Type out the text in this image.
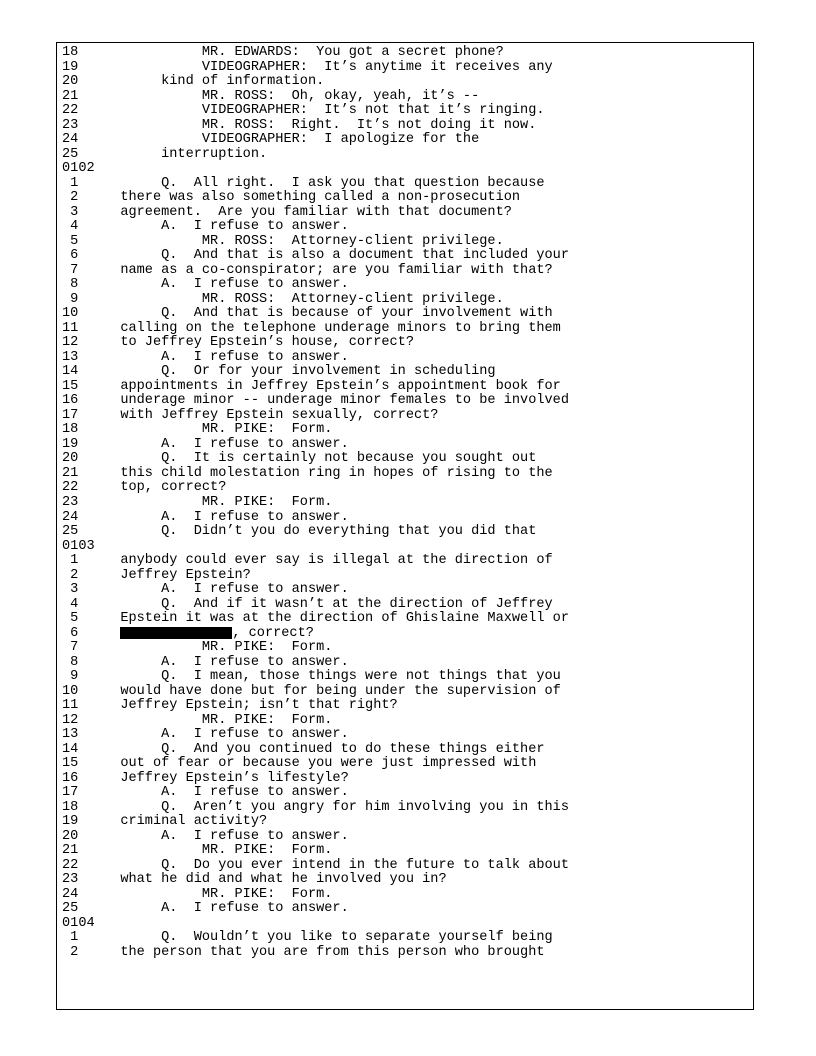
18	MR. EDWARDS:  You got a secret phone?
19	VIDEOGRAPHER:  It’s anytime it receives any
20	kind of information.
21	MR. ROSS:  Oh, okay, yeah, it’s --
22	VIDEOGRAPHER:  It’s not that it’s ringing.
23	MR. ROSS:  Right.  It’s not doing it now.
24	VIDEOGRAPHER:  I apologize for the
25	interruption.
0102
1	Q.  All right.  I ask you that question because
2	there was also something called a non-prosecution
3	agreement.  Are you familiar with that document?
4	A.  I refuse to answer.
5	MR. ROSS:  Attorney-client privilege.
6	Q.  And that is also a document that included your
7	name as a co-conspirator; are you familiar with that?
8	A.  I refuse to answer.
9	MR. ROSS:  Attorney-client privilege.
10	Q.  And that is because of your involvement with
11	calling on the telephone underage minors to bring them
12	to Jeffrey Epstein’s house, correct?
13	A.  I refuse to answer.
14	Q.  Or for your involvement in scheduling
15	appointments in Jeffrey Epstein’s appointment book for
16	underage minor -- underage minor females to be involved
17	with Jeffrey Epstein sexually, correct?
18	MR. PIKE:  Form.
19	A.  I refuse to answer.
20	Q.  It is certainly not because you sought out
21	this child molestation ring in hopes of rising to the
22	top, correct?
23	MR. PIKE:  Form.
24	A.  I refuse to answer.
25	Q.  Didn’t you do everything that you did that
0103
1	anybody could ever say is illegal at the direction of
2	Jeffrey Epstein?
3	A.  I refuse to answer.
4	Q.  And if it wasn’t at the direction of Jeffrey
5	Epstein it was at the direction of Ghislaine Maxwell or
6
	, correct?
7	MR. PIKE:  Form.
8	A.  I refuse to answer.
9	Q.  I mean, those things were not things that you
10	would have done but for being under the supervision of
11	Jeffrey Epstein; isn’t that right?
12	MR. PIKE:  Form.
13	A.  I refuse to answer.
14	Q.  And you continued to do these things either
15	out of fear or because you were just impressed with
16	Jeffrey Epstein’s lifestyle?
17	A.  I refuse to answer.
18	Q.  Aren’t you angry for him involving you in this
19	criminal activity?
20	A.  I refuse to answer.
21	MR. PIKE:  Form.
22	Q.  Do you ever intend in the future to talk about
23	what he did and what he involved you in?
24	MR. PIKE:  Form.
25	A.  I refuse to answer.
0104
1	Q.  Wouldn’t you like to separate yourself being
2	the person that you are from this person who brought
